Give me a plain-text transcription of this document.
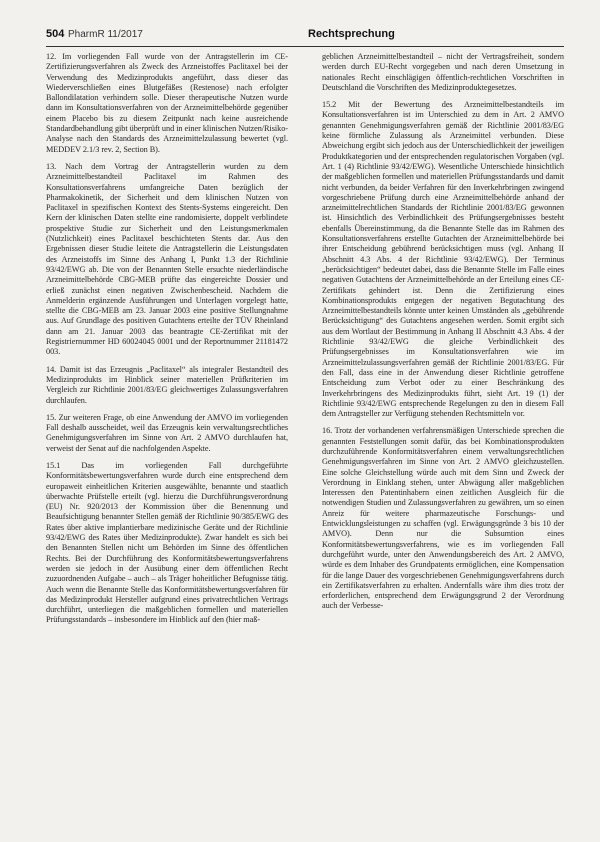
504 PharmR 11/2017	Rechtsprechung

12. Im vorliegenden Fall wurde von der Antragstellerin im CE-Zertifizierungsverfahren als Zweck des Arzneistoffes Paclitaxel bei der Verwendung des Medizinprodukts angeführt, dass dieser das Wiederverschließen eines Blutgefäßes (Restenose) nach erfolgter Ballondilatation verhindern solle. Dieser therapeutische Nutzen wurde dann im Konsultationsverfahren von der Arzneimittelbehörde gegenüber einem Placebo bis zu diesem Zeitpunkt nach keine ausreichende Standardbehandlung gibt überprüft und in einer klinischen Nutzen/Risiko-Analyse nach den Standards des Arzneimittelzulassung bewertet (vgl. MEDDEV 2.1/3 rev. 2, Section B).

13. Nach dem Vortrag der Antragstellerin wurden zu dem Arzneimittelbestandteil Paclitaxel im Rahmen des Konsultationsverfahrens umfangreiche Daten bezüglich der Pharmakokinetik, der Sicherheit und dem klinischen Nutzen von Paclitaxel in spezifischen Kontext des Stents-Systems eingereicht. Den Kern der klinischen Daten stellte eine randomisierte, doppelt verblindete prospektive Studie zur Sicherheit und den Leistungsmerkmalen (Nutzlichkeit) eines Paclitaxel beschichteten Stents dar. Aus den Ergebnissen dieser Studie leitete die Antragstellerin die Leistungsdaten des Arzneistoffs im Sinne des Anhang I, Punkt 1.3 der Richtlinie 93/42/EWG ab. Die von der Benannten Stelle ersuchte niederländische Arzneimittelbehörde CBG-MEB prüfte das eingereichte Dossier und erließ zunächst einen negativen Zwischenbescheid. Nachdem die Anmelderin ergänzende Ausführungen und Unterlagen vorgelegt hatte, stellte die CBG-MEB am 23. Januar 2003 eine positive Stellungnahme aus. Auf Grundlage des positiven Gutachtens erteilte der TÜV Rheinland dann am 21. Januar 2003 das beantragte CE-Zertifikat mit der Registriernummer HD 60024045 0001 und der Reportnummer 21181472 003.

14. Damit ist das Erzeugnis „Paclitaxel“ als integraler Bestandteil des Medizinprodukts im Hinblick seiner materiellen Prüfkriterien im Vergleich zur Richtlinie 2001/83/EG gleichwertiges Zulassungsverfahren durchlaufen.

15. Zur weiteren Frage, ob eine Anwendung der AMVO im vorliegenden Fall deshalb ausscheidet, weil das Erzeugnis kein verwaltungsrechtliches Genehmigungsverfahren im Sinne von Art. 2 AMVO durchlaufen hat, verweist der Senat auf die nachfolgenden Aspekte.

15.1 Das im vorliegenden Fall durchgeführte Konformitätsbewertungsverfahren wurde durch eine entsprechend dem europaweit einheitlichen Kriterien ausgewählte, benannte und staatlich überwachte Prüfstelle erteilt (vgl. hierzu die Durchführungsverordnung (EU) Nr. 920/2013 der Kommission über die Benennung und Beaufsichtigung benannter Stellen gemäß der Richtlinie 90/385/EWG des Rates über aktive implantierbare medizinische Geräte und der Richtlinie 93/42/EWG des Rates über Medizinprodukte). Zwar handelt es sich bei den Benannten Stellen nicht um Behörden im Sinne des öffentlichen Rechts. Bei der Durchführung des Konformitätsbewertungsverfahrens werden sie jedoch in der Ausübung einer dem öffentlichen Recht zuzuordnenden Aufgabe – auch – als Träger hoheitlicher Befugnisse tätig. Auch wenn die Benannte Stelle das Konformitätsbewertungsverfahren für das Medizinprodukt Hersteller aufgrund eines privatrechtlichen Vertrags durchführt, unterliegen die maßgeblichen formellen und materiellen Prüfungsstandards – insbesondere im Hinblick auf den (hier maß-

geblichen Arzneimittelbestandteil – nicht der Vertragsfreiheit, sondern werden durch EU-Recht vorgegeben und nach deren Umsetzung in nationales Recht einschlägigen öffentlich-rechtlichen Vorschriften in Deutschland die Vorschriften des Medizinproduktegesetzes.

15.2 Mit der Bewertung des Arzneimittelbestandteils im Konsultationsverfahren ist im Unterschied zu dem in Art. 2 AMVO genannten Genehmigungsverfahren gemäß der Richtlinie 2001/83/EG keine förmliche Zulassung als Arzneimittel verbunden. Diese Abweichung ergibt sich jedoch aus der Unterschiedlichkeit der jeweiligen Produktkategorien und der entsprechenden regulatorischen Vorgaben (vgl. Art. 1 (4) Richtlinie 93/42/EWG). Wesentliche Unterschiede hinsichtlich der maßgeblichen formellen und materiellen Prüfungsstandards und damit nicht verbunden, da beider Verfahren für den Inverkehrbringen zwingend vorgeschriebene Prüfung durch eine Arzneimittelbehörde anhand der arzneimittelrechtlichen Standards der Richtlinie 2001/83/EG gewonnen ist. Hinsichtlich des Verbindlichkeit des Prüfungsergebnisses besteht ebenfalls Übereinstimmung, da die Benannte Stelle das im Rahmen des Konsultationsverfahrens erstellte Gutachten der Arzneimittelbehörde bei ihrer Entscheidung gebührend berücksichtigen muss (vgl. Anhang II Abschnitt 4.3 Abs. 4 der Richtlinie 93/42/EWG). Der Terminus „berücksichtigen“ bedeutet dabei, dass die Benannte Stelle im Falle eines negativen Gutachtens der Arzneimittelbehörde an der Erteilung eines CE-Zertifikats gehindert ist. Denn die Zertifizierung eines Kombinationsprodukts entgegen der negativen Begutachtung des Arzneimittelbestandteils könnte unter keinen Umständen als „gebührende Berücksichtigung“ des Gutachtens angesehen werden. Somit ergibt sich aus dem Wortlaut der Bestimmung in Anhang II Abschnitt 4.3 Abs. 4 der Richtlinie 93/42/EWG die gleiche Verbindlichkeit des Prüfungsergebnisses im Konsultationsverfahren wie im Arzneimittelzulassungsverfahren gemäß der Richtlinie 2001/83/EG. Für den Fall, dass eine in der Anwendung dieser Richtlinie getroffene Entscheidung zum Verbot oder zu einer Beschränkung des Inverkehrbringens des Medizinprodukts führt, sieht Art. 19 (1) der Richtlinie 93/42/EWG entsprechende Regelungen zu den in diesem Fall dem Antragsteller zur Verfügung stehenden Rechtsmitteln vor.

16. Trotz der vorhandenen verfahrensmäßigen Unterschiede sprechen die genannten Feststellungen somit dafür, das bei Kombinationsprodukten durchzuführende Konformitätsverfahren einem verwaltungsrechtlichen Genehmigungsverfahren im Sinne von Art. 2 AMVO gleichzustellen. Eine solche Gleichstellung würde auch mit dem Sinn und Zweck der Verordnung in Einklang stehen, unter Abwägung aller maßgeblichen Interessen den Patentinhabern einen zeitlichen Ausgleich für die notwendigen Studien und Zulassungsverfahren zu gewähren, um so einen Anreiz für weitere pharmazeutische Forschungs- und Entwicklungsleistungen zu schaffen (vgl. Erwägungsgründe 3 bis 10 der AMVO). Denn nur die Subsumtion eines Konformitätsbewertungsverfahrens, wie es im vorliegenden Fall durchgeführt wurde, unter den Anwendungsbereich des Art. 2 AMVO, würde es dem Inhaber des Grundpatents ermöglichen, eine Kompensation für die lange Dauer des vorgeschriebenen Genehmigungsverfahrens durch ein Zertifikatsverfahren zu erhalten. Andernfalls wäre ihm dies trotz der erforderlichen, entsprechend dem Erwägungsgrund 2 der Verordnung auch der Verbesse-
